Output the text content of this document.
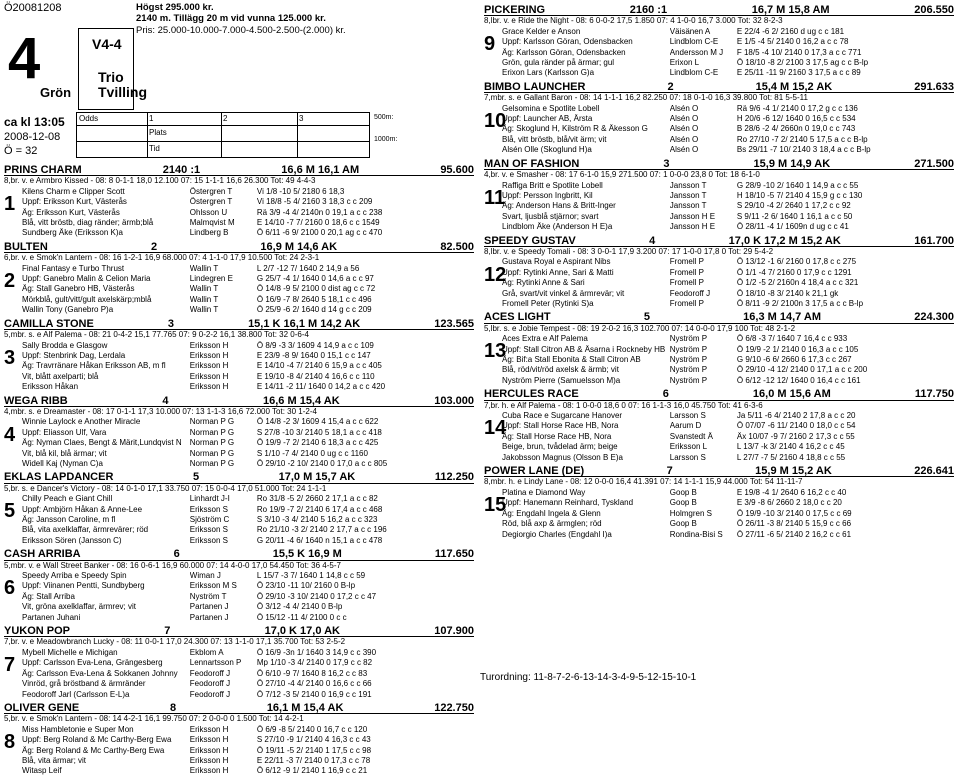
Ö20081208
4
Grön
V4-4
Trio
Tvilling
ca kl 13:05
2008-12-08
Ö = 32
Högst 295.000 kr.
2140 m. Tillägg 20 m vid vunna 125.000 kr.
Pris: 25.000-10.000-7.000-4.500-2.500-(2.000) kr.
Odds	1	2	3
Plats
Tid
500m:
1000m:
PRINS CHARM	2140 :1	16,6 M 16,1 AM	95.600
8,br. v. e Armbro Kissed - 08: 8 0-1-1 18,0 12.100 07: 15 1-1-1 16,6 26.300 Tot: 49 4-4-3
1
Kilens Charm e Clipper Scott	Östergren T	Vi 1/8 -10 5/ 2180 6 18,3
Uppf: Eriksson Kurt, Västerås	Östergren T	Vi 18/8 -5 4/ 2160 3 18,3 c c 209
Äg: Eriksson Kurt, Västerås	Ohlsson U	Rä 3/9 -4 4/ 2140n 0 19,1 a c c 238
Blå, vitt bröstb, diag ränder; ärmb;blå	Malmqvist M	E 14/10 -7 7/ 2160 0 18,6 c c 1549
Sundberg Åke (Eriksson K)a	Lindberg B	Ö 6/11 -6 9/ 2100 0 20,1 ag c c 470
BULTEN	2	16,9 M 14,6 AK	82.500
6,br. v. e Smok'n Lantern - 08: 16 1-2-1 16,9 68.000 07: 4 1-1-0 17,9 10.500 Tot: 24 2-3-1
2
Final Fantasy e Turbo Thrust	Wallin T	L 2/7 -12 7/ 1640 2 14,9 a 56
Uppf: Ganebro Malin & Celion Maria	Lindegren E	G 25/7 -4 1/ 1640 0 14,6 a c c 97
Äg: Stall Ganebro HB, Västerås	Wallin T	Ö 14/8 -9 5/ 2100 0 dist ag c c 72
Mörkblå, gult/vitt/gult axelskärp;mblå	Wallin T	Ö 16/9 -7 8/ 2640 5 18,1 c c 496
Wallin Tony (Ganebro P)a	Wallin T	Ö 25/9 -6 2/ 1640 d 14 g c c 209
CAMILLA STONE	3	15,1 K 16,1 M 14,2 AK	123.565
5,mbr. s. e Alf Palema - 08: 21 0-4-2 15,1 77.765 07: 9 0-2-2 16,1 38.800 Tot: 32 0-6-4
3
Sally Brodda e Glasgow	Eriksson H	Ö 8/9 -3 3/ 1609 4 14,9 a c c 109
Uppf: Stenbrink Dag, Lerdala	Eriksson H	E 23/9 -8 9/ 1640 0 15,1 c c 147
Äg: Travrränare Håkan Eriksson AB, m fl	Eriksson H	E 14/10 -4 7/ 2140 6 15,9 a c c 405
Vit, blått axelparti; blå	Eriksson H	E 19/10 -8 4/ 2140 4 16,6 c c 110
Eriksson Håkan	Eriksson H	E 14/11 -2 11/ 1640 0 14,2 a c c 420
WEGA RIBB	4	16,6 M 15,4 AK	103.000
4,mbr. s. e Dreamaster - 08: 17 0-1-1 17,3 10.000 07: 13 1-1-3 16,6 72.000 Tot: 30 1-2-4
4
Winnie Laylock e Another Miracle	Norman P G	Ö 14/8 -2 3/ 1609 4 15,4 a c c 622
Uppf: Eliasson Ulf, Vara	Norman P G	S 27/8 -10 3/ 2140 5 18,1 a c c 418
Äg: Nyman Claes, Bengt & Märit,Lundqvist N	Norman P G	Ö 19/9 -7 2/ 2140 6 18,3 a c c 425
Vit, blå kil, blå ärmar; vit	Norman P G	S 1/10 -7 4/ 2140 0 ug c c 1160
Widell Kaj (Nyman C)a	Norman P G	Ö 29/10 -2 10/ 2140 0 17,0 a c c 805
EKLAS LAPDANCER	5	17,0 M 15,7 AK	112.250
5,br. s. e Dancer's Victory - 08: 14 0-1-0 17,1 33.750 07: 15 0-0-4 17,0 51.000 Tot: 24 1-1-1
5
Chilly Peach e Giant Chill	Linhardt J-I	Ro 31/8 -5 2/ 2660 2 17,1 a c c 82
Uppf: Ambjörn Håkan & Anne-Lee	Eriksson S	Ro 19/9 -7 2/ 2140 6 17,4 a c c 468
Äg: Jansson Caroline, m fl	Sjöström C	S 3/10 -3 4/ 2140 5 16,2 a c c 323
Blå, vita axelklaffar, ärmrevärer; röd	Eriksson S	Ro 21/10 -3 2/ 2140 2 17,7 a c c 196
Eriksson Sören (Jansson C)	Eriksson S	G 20/11 -4 6/ 1640 n 15,1 a c c 478
CASH ARRIBA	6	15,5 K 16,9 M	117.650
5,mbr. v. e Wall Street Banker - 08: 16 0-6-1 16,9 60.000 07: 14 4-0-0 17,0 54.450 Tot: 36 4-5-7
6
Speedy Arriba e Speedy Spin	Wiman J	L 15/7 -3 7/ 1640 1 14,8 c c 59
Uppf: Viinanen Pentti, Sundbyberg	Eriksson M S	Ö 23/10 -11 10/ 2160 0 B-lp
Äg: Stall Arriba	Nyström T	Ö 29/10 -3 10/ 2140 0 17,2 c c 47
Vit, gröna axelklaffar, ärmrev; vit	Partanen J	Ö 3/12 -4 4/ 2140 0 B-lp
Partanen Juhani	Partanen J	Ö 15/12 -11 4/ 2100 0 c c
YUKON POP	7	17,0 K 17,0 AK	107.900
7,br. v. e Meadowbranch Lucky - 08: 11 0-0-1 17,0 24.300 07: 13 1-1-0 17,1 35.700 Tot: 53 2-5-2
7
Mybell Michelle e Michigan	Ekblom A	Ö 16/9 -3n 1/ 1640 3 14,9 c c 390
Uppf: Carlsson Eva-Lena, Grängesberg	Lennartsson P	Mp 1/10 -3 4/ 2140 0 17,9 c c 82
Äg: Carlsson Eva-Lena & Sokkanen Johnny	Feodoroff J	Ö 6/10 -9 7/ 1640 8 16,2 c c 83
Vinröd, grå bröstband & ärmränder	Feodoroff J	Ö 27/10 -4 4/ 2140 0 16,6 c c 66
Feodoroff Jarl (Carlsson E-L)a	Feodoroff J	Ö 7/12 -3 5/ 2140 0 16,9 c c 191
OLIVER GENE	8	16,1 M 15,4 AK	122.750
5,br. v. e Smok'n Lantern - 08: 14 4-2-1 16,1 99.750 07: 2 0-0-0 0 1.500 Tot: 14 4-2-1
8
Miss Hambletonie e Super Mon	Eriksson H	Ö 6/9 -8 5/ 2140 0 16,7 c c 120
Uppf: Berg Roland & Mc Carthy-Berg Ewa	Eriksson H	S 27/10 -9 1/ 2140 4 16,3 c c 43
Äg: Berg Roland & Mc Carthy-Berg Ewa	Eriksson H	Ö 19/11 -5 2/ 2140 1 17,5 c c 98
Blå, vita ärmar; vit	Eriksson H	E 22/11 -3 7/ 2140 0 17,3 c c 78
Witasp Leif	Eriksson H	Ö 6/12 -9 1/ 2140 1 16,9 c c 21
PICKERING	2160 :1	16,7 M 15,8 AM	206.550
8,lbr. v. e Ride the Night - 08: 6 0-0-2 17,5 1.850 07: 4 1-0-0 16,7 3.000 Tot: 32 8-2-3
9
Grace Kelder e Anson	Väisänen A	E 22/4 -6 2/ 2160 d ug c c 181
Uppf: Karlsson Göran, Odensbacken	Lindblom C-E	E 1/5 -4 5/ 2140 0 16,2 a c c 78
Äg: Karlsson Göran, Odensbacken	Andersson M J	F 18/5 -4 10/ 2140 0 17,3 a c c 771
Grön, gula ränder på ärmar; gul	Erixon L	Ö 18/10 -8 2/ 2100 3 17,5 ag c c B-lp
Erixon Lars (Karlsson G)a	Lindblom C-E	E 25/11 -11 9/ 2160 3 17,5 a c c 89
BIMBO LAUNCHER	2	15,4 M 15,2 AK	291.633
7,mbr. s. e Gallant Baron - 08: 14 1-1-1 16,2 82.250 07: 18 0-1-0 16,3 39.800 Tot: 81 5-5-11
10
Gelsomina e Spotlite Lobell	Alsén O	Rä 9/6 -4 1/ 2140 0 17,2 g c c 136
Uppf: Launcher AB, Årsta	Alsén O	H 20/6 -6 12/ 1640 0 16,5 c c 534
Äg: Skoglund H, Kilström R & Åkesson G	Alsén O	B 28/6 -2 4/ 2660n 0 19,0 c c 743
Blå, vitt bröstb, blå/vit ärm; vit	Alsén O	Ro 27/10 -7 2/ 2140 5 17,5 a c c B-lp
Alsén Olle (Skoglund H)a	Alsén O	Bs 29/11 -7 10/ 2140 3 18,4 a c c B-lp
MAN OF FASHION	3	15,9 M 14,9 AK	271.500
4,br. v. e Smasher - 08: 17 6-1-0 15,9 271.500 07: 1 0-0-0 23,8 0 Tot: 18 6-1-0
11
Raffiga Britt e Spotlite Lobell	Jansson T	G 28/9 -10 2/ 1640 1 14,9 a c c 55
Uppf: Persson Ingbritt, Kil	Jansson T	H 18/10 -5 7/ 2140 4 15,9 g c c 130
Äg: Anderson Hans & Britt-Inger	Jansson T	S 29/10 -4 2/ 2640 1 17,2 c c 92
Svart, ljusblå stjärnor; svart	Jansson H E	S 9/11 -2 6/ 1640 1 16,1 a c c 50
Lindblom Åke (Anderson H E)a	Jansson H E	Ö 28/11 -4 1/ 1609n d ug c c 41
SPEEDY GUSTAV	4	17,0 K 17,2 M 15,2 AK	161.700
8,lbr. v. e Speedy Tomali - 08: 3 0-0-1 17,9 3.200 07: 17 1-0-0 17,8 0 Tot: 29 5-4-2
12
Gustava Royal e Aspirant Nibs	Fromell P	Ö 13/12 -1 6/ 2160 0 17,8 c c 275
Uppf: Rytinki Anne, Sari & Matti	Fromell P	Ö 1/1 -4 7/ 2160 0 17,9 c c 1291
Äg: Rytinki Anne & Sari	Fromell P	Ö 1/2 -5 2/ 2160n 4 18,4 a c c 321
Grå, svart/vit vinkel & ärmrevär; vit	Feodoroff J	Ö 18/10 -8 3/ 2140 k 21,1 gk
Fromell Peter (Rytinki S)a	Fromell P	Ö 8/11 -9 2/ 2100n 3 17,5 a c c B-lp
ACES LIGHT	5	16,3 M 14,7 AM	224.300
5,lbr. s. e Jobie Tempest - 08: 19 2-0-2 16,3 102.700 07: 14 0-0-0 17,9 100 Tot: 48 2-1-2
13
Aces Extra e Alf Palema	Nyström P	Ö 6/8 -3 7/ 1640 7 16,4 c c 933
Uppf: Stall Citron AB & Åsarna i Rockneby HB Nyström P	Ö 19/9 -2 1/ 2140 0 16,3 a c c 105
Äg: Bif:a Stall Ebonita & Stall Citron AB	Nyström P	G 9/10 -6 6/ 2660 6 17,3 c c 267
Blå, röd/vit/röd axelsk & ärmb; vit	Nyström P	Ö 29/10 -4 12/ 2140 0 17,1 a c c 200
Nyström Pierre (Samuelsson M)a	Nyström P	Ö 6/12 -12 12/ 1640 0 16,4 c c 161
HERCULES RACE	6	16,0 M 15,6 AM	117.750
7,br. h. e Alf Palema - 08: 1 0-0-0 18,6 0 07: 16 1-1-3 16,0 45.750 Tot: 41 6-3-6
14
Cuba Race e Sugarcane Hanover	Larsson S	Ja 5/11 -6 4/ 2140 2 17,8 a c c 20
Uppf: Stall Horse Race HB, Nora	Aarum D	Ö 07/07 -6 11/ 2140 0 18,0 c c 54
Äg: Stall Horse Race HB, Nora	Svanstedt Å	Äx 10/07 -9 7/ 2160 2 17,3 c c 55
Beige, brun, tvådelad ärm; beige	Eriksson L	L 13/7 -k 3/ 2140 4 16,2 c c 45
Jakobsson Magnus (Olsson B E)a	Larsson S	L 27/7 -7 5/ 2160 4 18,8 c c 55
POWER LANE (DE)	7	15,9 M 15,2 AK	226.641
8,mbr. h. e Lindy Lane - 08: 12 0-0-0 16,4 41.391 07: 14 1-1-1 15,9 44.000 Tot: 54 11-11-7
15
Platina e Diamond Way	Goop B	E 19/8 -4 1/ 2640 6 16,2 c c 40
Uppf: Hanemann Reinhard, Tyskland	Goop B	E 3/9 -8 6/ 2660 2 18,0 c c 20
Äg: Engdahl Ingela & Glenn	Holmgren S	Ö 19/9 -10 3/ 2140 0 17,5 c c 69
Röd, blå axp & ärmglen; röd	Goop B	Ö 26/11 -3 8/ 2140 5 15,9 c c 66
Degiorgio Charles (Engdahl I)a	Rondina-Bisi S	Ö 27/11 -6 5/ 2140 2 16,2 c c 61
Turordning: 11-8-7-2-6-13-14-3-4-9-5-12-15-10-1
